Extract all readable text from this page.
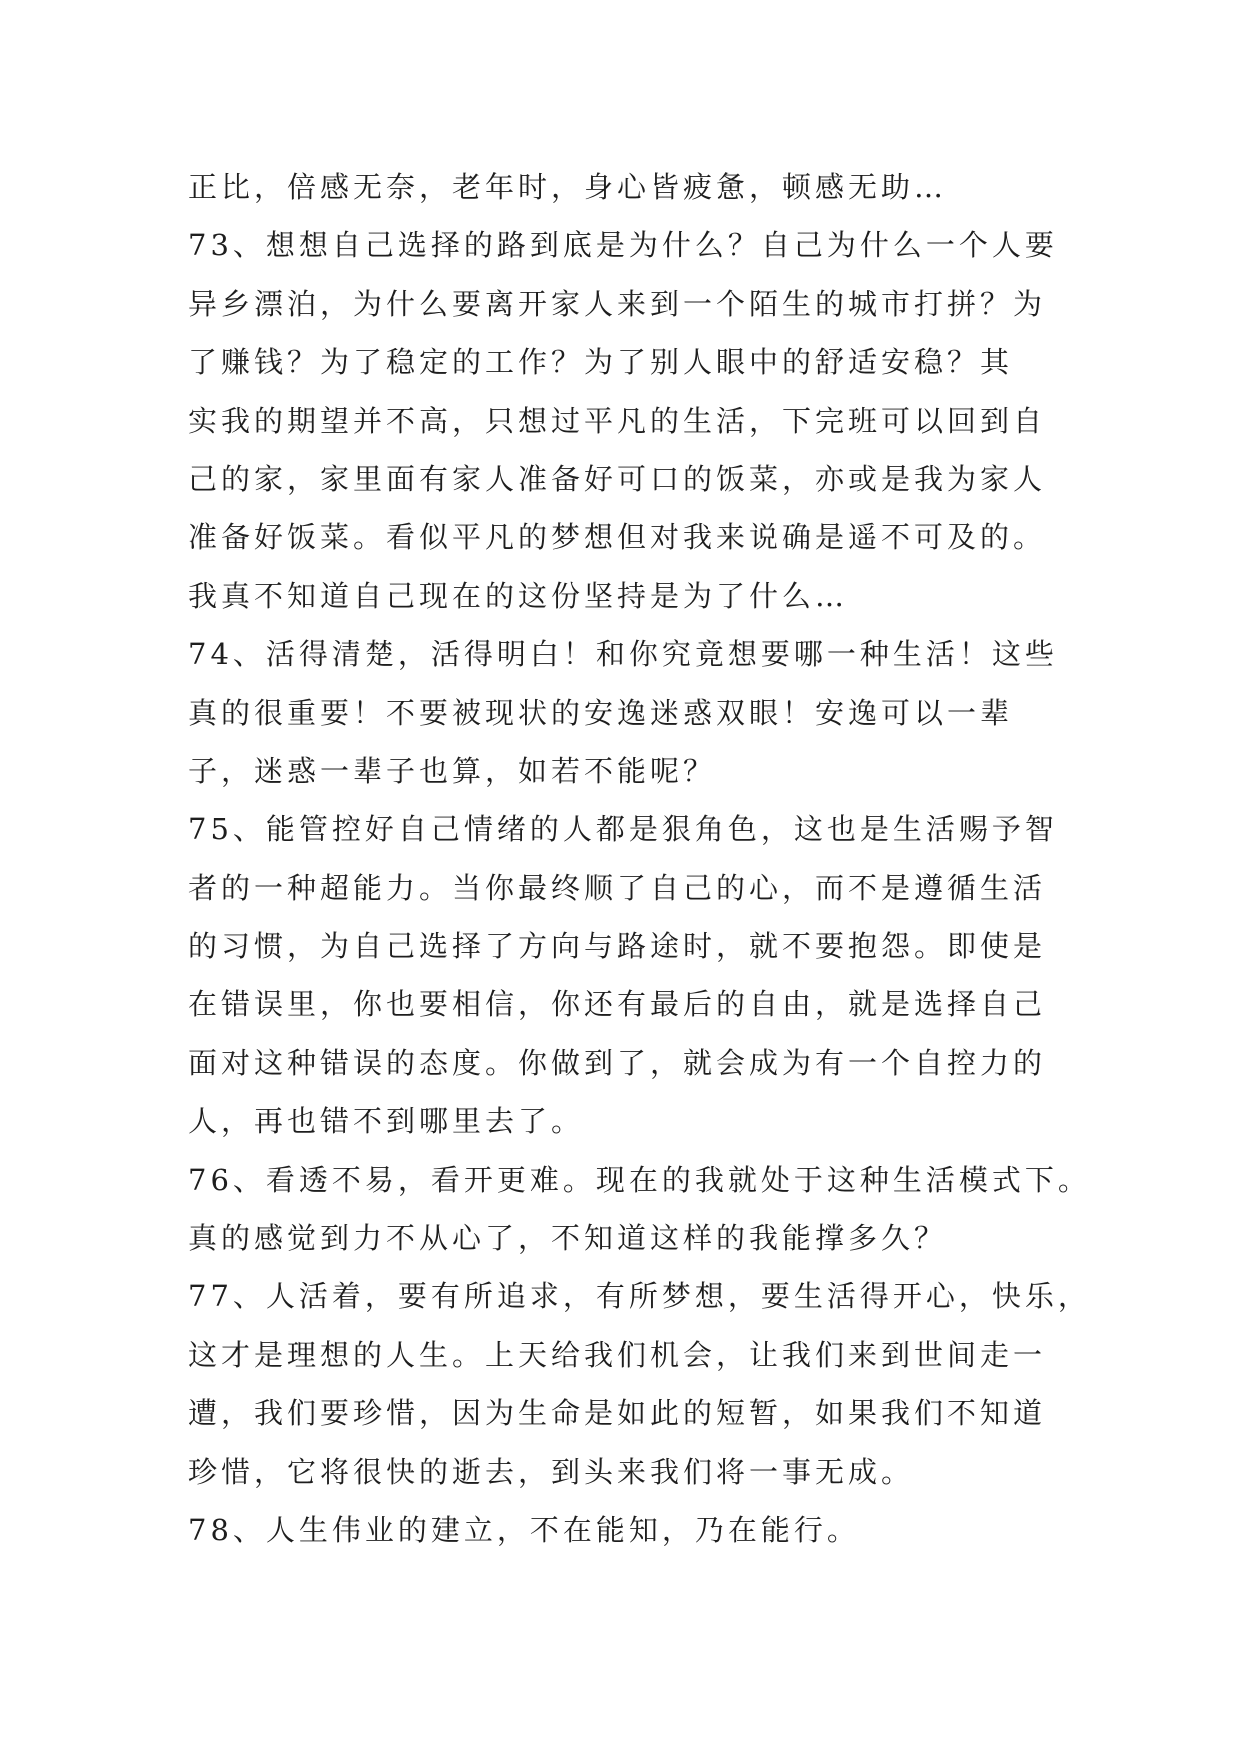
正比，倍感无奈，老年时，身心皆疲惫，顿感无助…
73、想想自己选择的路到底是为什么？自己为什么一个人要
异乡漂泊，为什么要离开家人来到一个陌生的城市打拼？为
了赚钱？为了稳定的工作？为了别人眼中的舒适安稳？其
实我的期望并不高，只想过平凡的生活，下完班可以回到自
己的家，家里面有家人准备好可口的饭菜，亦或是我为家人
准备好饭菜。看似平凡的梦想但对我来说确是遥不可及的。
我真不知道自己现在的这份坚持是为了什么…
74、活得清楚，活得明白！和你究竟想要哪一种生活！这些
真的很重要！不要被现状的安逸迷惑双眼！安逸可以一辈
子，迷惑一辈子也算，如若不能呢？
75、能管控好自己情绪的人都是狠角色，这也是生活赐予智
者的一种超能力。当你最终顺了自己的心，而不是遵循生活
的习惯，为自己选择了方向与路途时，就不要抱怨。即使是
在错误里，你也要相信，你还有最后的自由，就是选择自己
面对这种错误的态度。你做到了，就会成为有一个自控力的
人，再也错不到哪里去了。
76、看透不易，看开更难。现在的我就处于这种生活模式下。
真的感觉到力不从心了，不知道这样的我能撑多久？
77、人活着，要有所追求，有所梦想，要生活得开心，快乐，
这才是理想的人生。上天给我们机会，让我们来到世间走一
遭，我们要珍惜，因为生命是如此的短暂，如果我们不知道
珍惜，它将很快的逝去，到头来我们将一事无成。
78、人生伟业的建立，不在能知，乃在能行。
